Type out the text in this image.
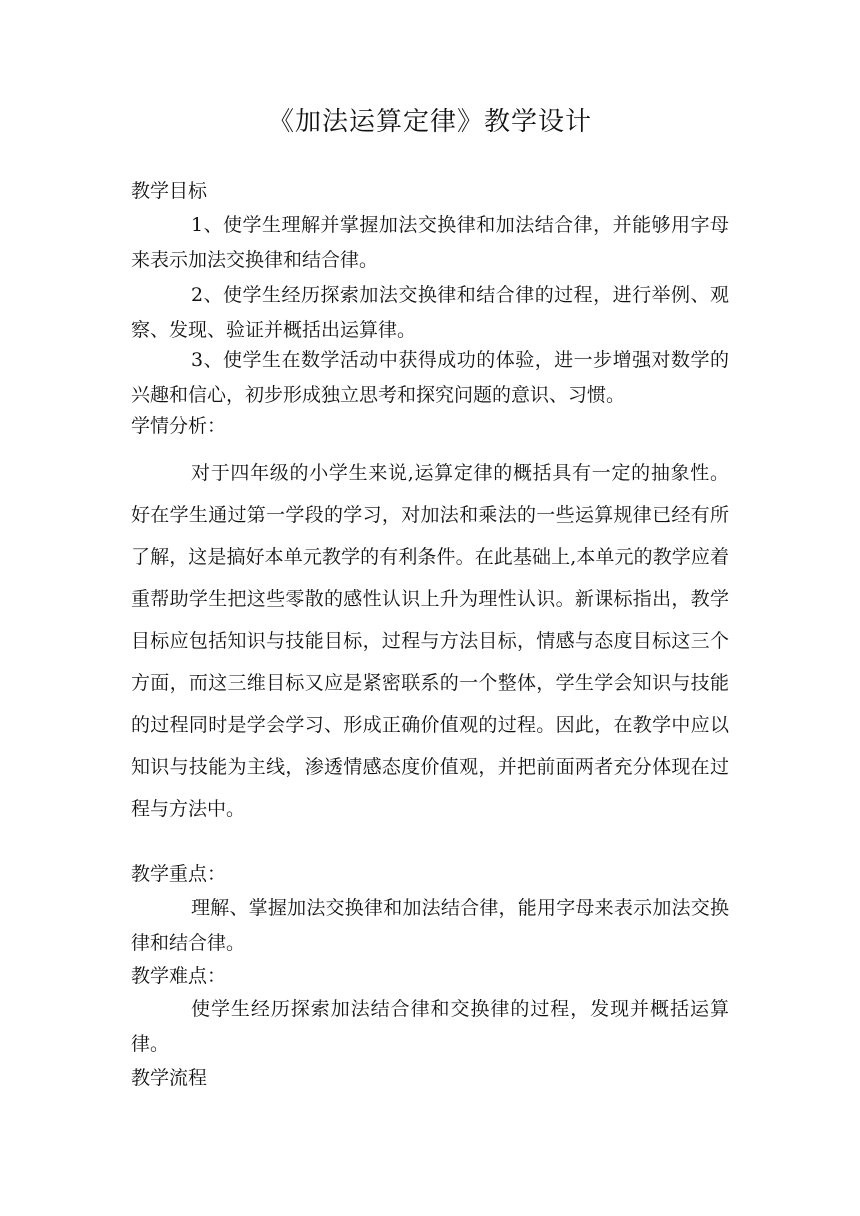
《加法运算定律》教学设计
教学目标
1、使学生理解并掌握加法交换律和加法结合律，并能够用字母来表示加法交换律和结合律。
2、使学生经历探索加法交换律和结合律的过程，进行举例、观察、发现、验证并概括出运算律。
3、使学生在数学活动中获得成功的体验，进一步增强对数学的兴趣和信心，初步形成独立思考和探究问题的意识、习惯。
学情分析：
对于四年级的小学生来说,运算定律的概括具有一定的抽象性。好在学生通过第一学段的学习，对加法和乘法的一些运算规律已经有所了解，这是搞好本单元教学的有利条件。在此基础上,本单元的教学应着重帮助学生把这些零散的感性认识上升为理性认识。新课标指出，教学目标应包括知识与技能目标，过程与方法目标，情感与态度目标这三个方面，而这三维目标又应是紧密联系的一个整体，学生学会知识与技能的过程同时是学会学习、形成正确价值观的过程。因此，在教学中应以知识与技能为主线，渗透情感态度价值观，并把前面两者充分体现在过程与方法中。
教学重点：
理解、掌握加法交换律和加法结合律，能用字母来表示加法交换律和结合律。
教学难点：
使学生经历探索加法结合律和交换律的过程，发现并概括运算律。
教学流程
